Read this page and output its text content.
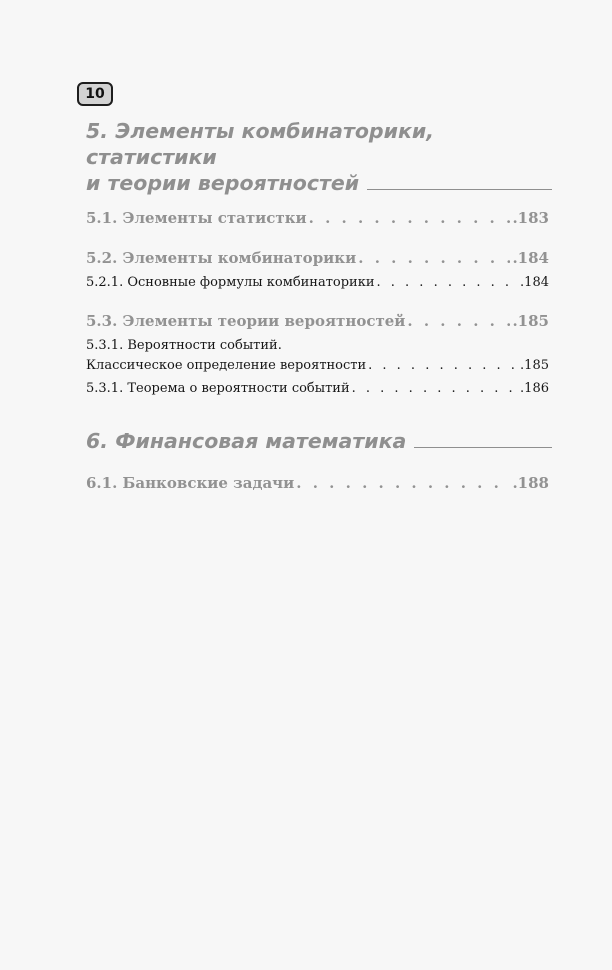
10
5. Элементы комбинаторики,
статистики
и теории вероятностей
5.1. Элементы статистки . . .	.183
5.2. Элементы комбинаторики . . .	.184
5.2.1. Основные формулы комбинаторики . . .	.184
5.3. Элементы теории вероятностей . . .	.185
5.3.1. Вероятности событий.
Классическое определение вероятности . . .	.185
5.3.1. Теорема о вероятности событий . . .	.186
6. Финансовая математика
6.1. Банковские задачи . . .	.188
